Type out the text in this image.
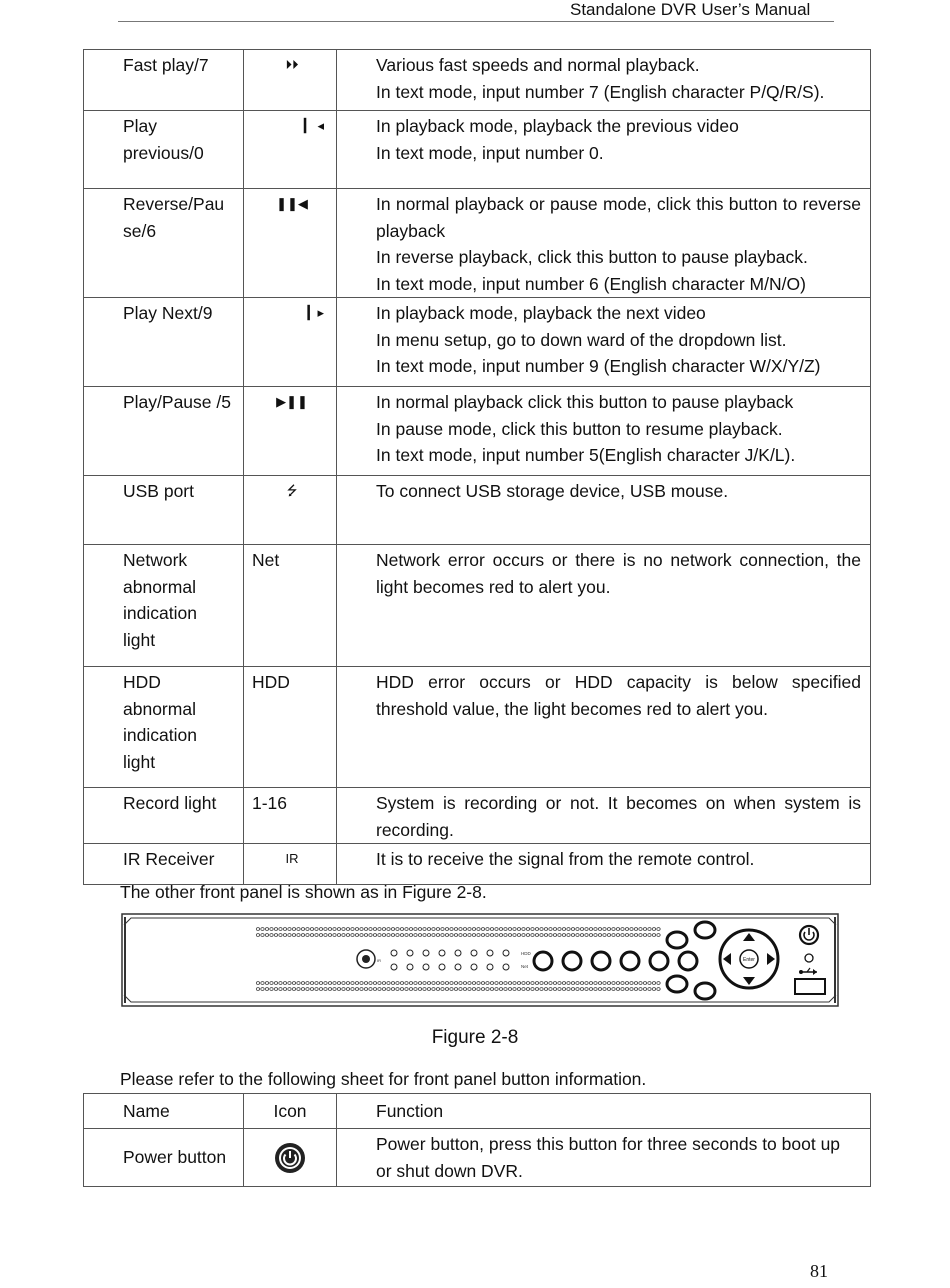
Standalone DVR User’s Manual
Fast play/7	⏵⏵	Various fast speeds and normal playback.
In text mode, input number 7 (English character P/Q/R/S).

Play
previous/0	▎ ◂	In playback mode, playback the previous video
In text mode, input number 0.

Reverse/Pau
se/6	❚❚◀	In normal playback or pause mode, click this button to reverse playback
In reverse playback, click this button to pause playback.
In text mode, input number 6 (English character M/N/O)

Play Next/9	▎▸	In playback mode, playback the next video
In menu setup, go to down ward of the dropdown list.
In text mode, input number 9 (English character W/X/Y/Z)

Play/Pause /5	▶❚❚	In normal playback click this button to pause playback
In pause mode, click this button to resume playback.
In text mode, input number 5(English character J/K/L).

USB port	⭍	To connect USB storage device, USB mouse.

Network
abnormal
indication
light	Net	Network error occurs or there is no network connection, the light becomes red to alert you.

HDD
abnormal
indication
light	HDD	HDD error occurs or HDD capacity is below specified threshold value, the light becomes red to alert you.

Record light	1-16	System is recording or not. It becomes on when system is recording.

IR Receiver	IR	It is to receive the signal from the remote control.
The other front panel is shown as in Figure 2-8.
IR
HDD
Net
Enter
Figure 2-8
Please refer to the following sheet for front panel button information.
Name	Icon	Function
Power button		Power button, press this button for three seconds to boot up
or shut down DVR.
81
